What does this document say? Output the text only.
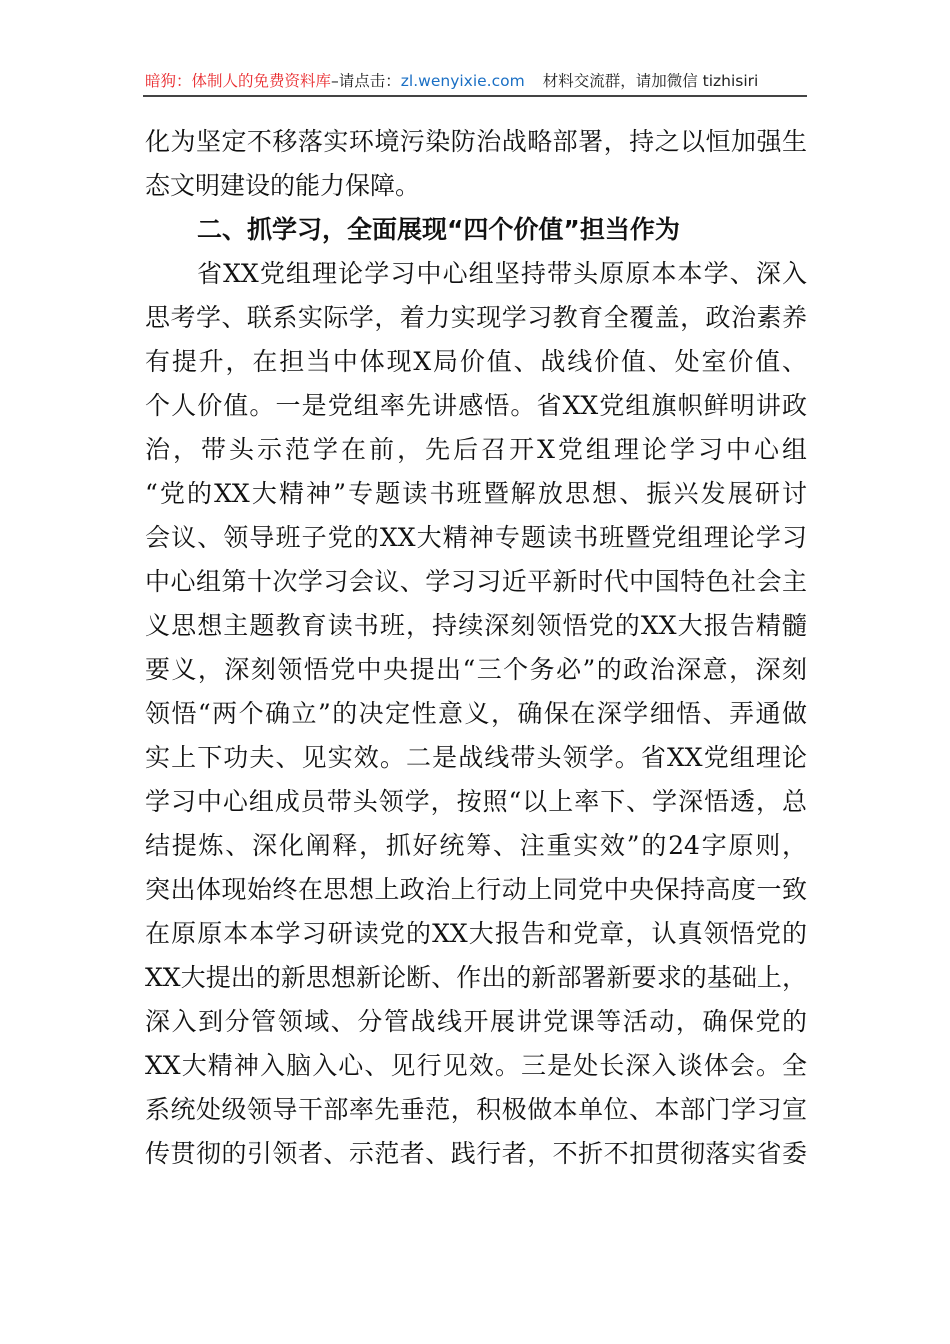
暗狗：体制人的免费资料库–请点击：zl.wenyixie.com 材料交流群，请加微信 tizhisiri
化为坚定不移落实环境污染防治战略部署，持之以恒加强生
态文明建设的能力保障。
二、抓学习，全面展现“四个价值”担当作为
省XX党组理论学习中心组坚持带头原原本本学、深入
思考学、联系实际学，着力实现学习教育全覆盖，政治素养
有提升，在担当中体现X局价值、战线价值、处室价值、
个人价值。一是党组率先讲感悟。省XX党组旗帜鲜明讲政
治，带头示范学在前，先后召开X党组理论学习中心组
“党的XX大精神”专题读书班暨解放思想、振兴发展研讨
会议、领导班子党的XX大精神专题读书班暨党组理论学习
中心组第十次学习会议、学习习近平新时代中国特色社会主
义思想主题教育读书班，持续深刻领悟党的XX大报告精髓
要义，深刻领悟党中央提出“三个务必”的政治深意，深刻
领悟“两个确立”的决定性意义，确保在深学细悟、弄通做
实上下功夫、见实效。二是战线带头领学。省XX党组理论
学习中心组成员带头领学，按照“以上率下、学深悟透，总
结提炼、深化阐释，抓好统筹、注重实效”的24字原则，
突出体现始终在思想上政治上行动上同党中央保持高度一致
在原原本本学习研读党的XX大报告和党章，认真领悟党的
XX大提出的新思想新论断、作出的新部署新要求的基础上，
深入到分管领域、分管战线开展讲党课等活动，确保党的
XX大精神入脑入心、见行见效。三是处长深入谈体会。全
系统处级领导干部率先垂范，积极做本单位、本部门学习宣
传贯彻的引领者、示范者、践行者，不折不扣贯彻落实省委
